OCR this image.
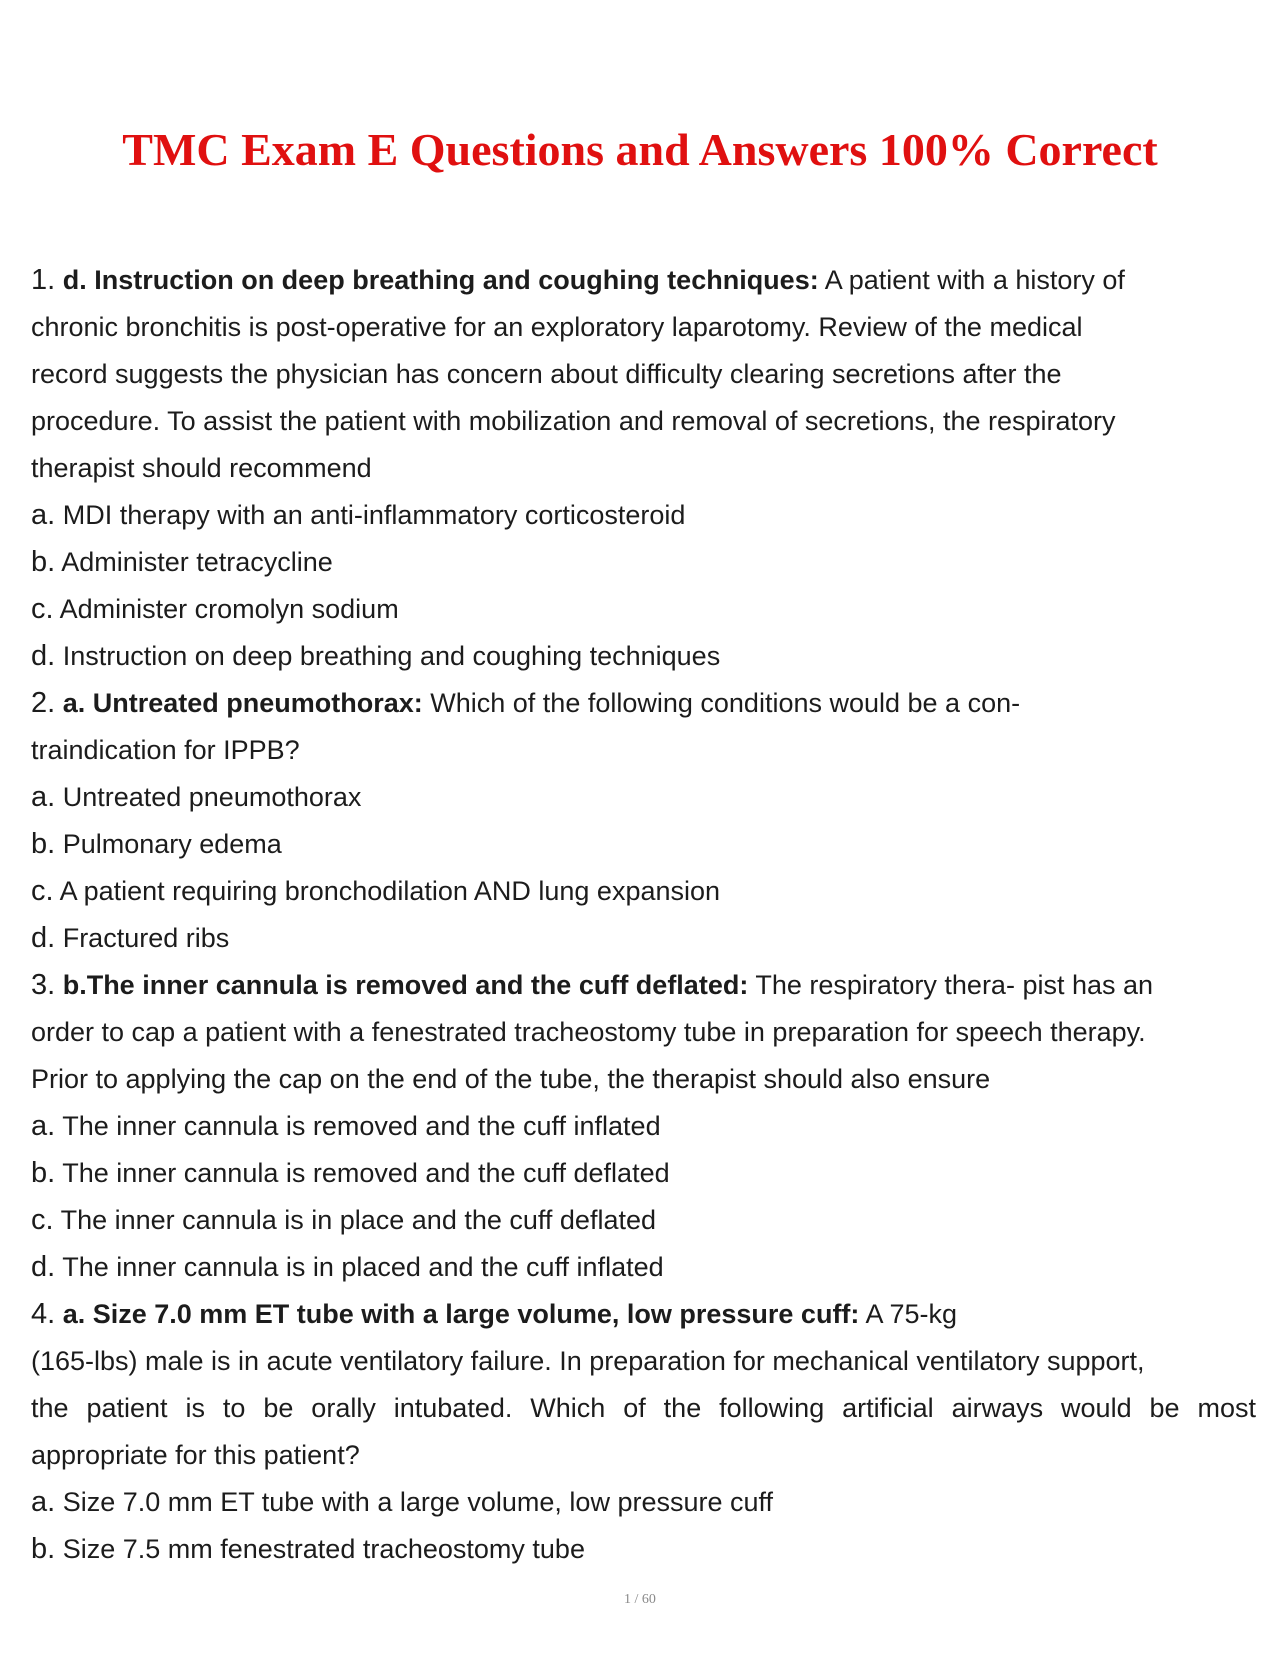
TMC Exam E Questions and Answers 100% Correct
1. d. Instruction on deep breathing and coughing techniques: A patient with a history of
chronic bronchitis is post-operative for an exploratory laparotomy. Review of the medical
record suggests the physician has concern about difficulty clearing secretions after the
procedure. To assist the patient with mobilization and removal of secretions, the respiratory
therapist should recommend
a. MDI therapy with an anti-inflammatory corticosteroid
b. Administer tetracycline
c. Administer cromolyn sodium
d. Instruction on deep breathing and coughing techniques
2. a. Untreated pneumothorax: Which of the following conditions would be a con-
traindication for IPPB?
a. Untreated pneumothorax
b. Pulmonary edema
c. A patient requiring bronchodilation AND lung expansion
d. Fractured ribs
3. b.The inner cannula is removed and the cuff deflated: The respiratory thera- pist has an
order to cap a patient with a fenestrated tracheostomy tube in preparation for speech therapy.
Prior to applying the cap on the end of the tube, the therapist should also ensure
a. The inner cannula is removed and the cuff inflated
b. The inner cannula is removed and the cuff deflated
c. The inner cannula is in place and the cuff deflated
d. The inner cannula is in placed and the cuff inflated
4. a. Size 7.0 mm ET tube with a large volume, low pressure cuff: A 75-kg
(165-lbs) male is in acute ventilatory failure. In preparation for mechanical ventilatory support,
the patient is to be orally intubated. Which of the following artificial airways would be most
appropriate for this patient?
a. Size 7.0 mm ET tube with a large volume, low pressure cuff
b. Size 7.5 mm fenestrated tracheostomy tube
1 / 60
